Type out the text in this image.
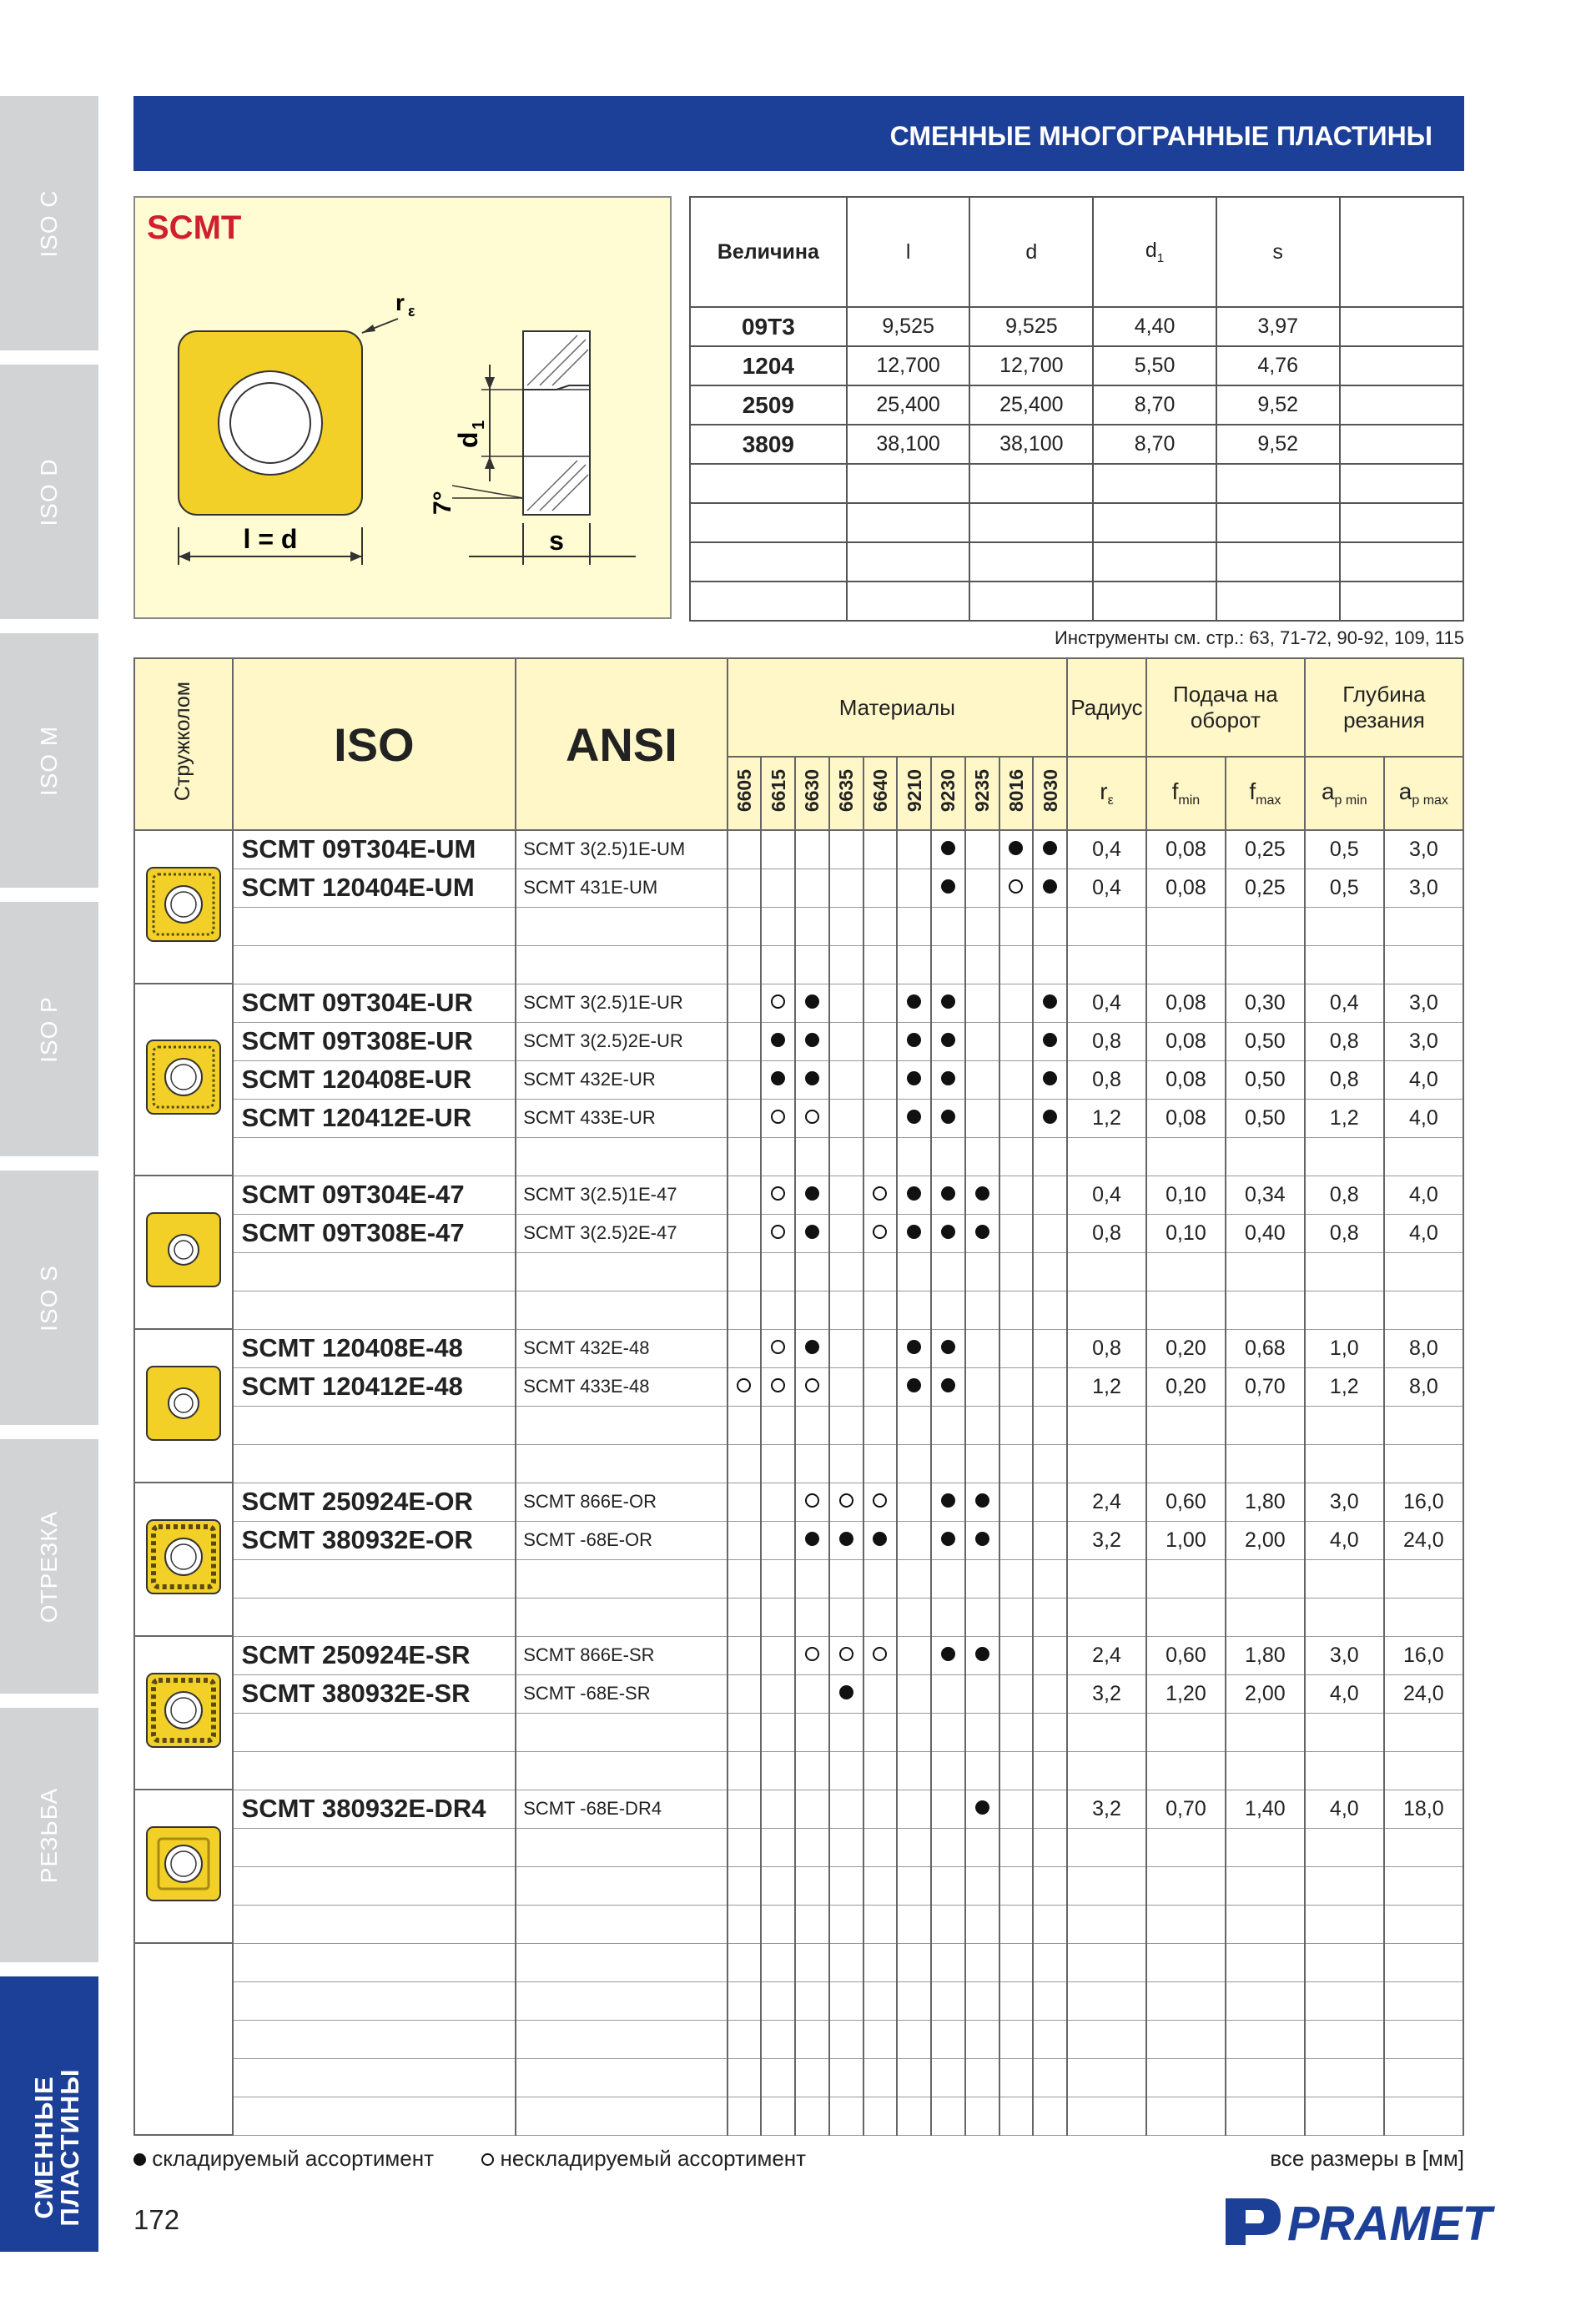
ISO C
ISO D
ISO M
ISO P
ISO S
ОТРЕЗКА
РЕЗЬБА
СМЕННЫЕ
ПЛАСТИНЫ
СМЕННЫЕ МНОГОГРАННЫЕ ПЛАСТИНЫ
SCMT
l = d	s
r ε
d
1
7°
Величина	l	d	$d_1$	s	
09T3	9,525	9,525	4,40	3,97	
1204	12,700	12,700	5,50	4,76	
2509	25,400	25,400	8,70	9,52	
3809	38,100	38,100	8,70	9,52	

Инструменты см. стр.: 63, 71-72, 90-92, 109, 115
Стружколом	ISO	ANSI	Материалы										Радиус	Подача на оборот		Глубина резания	
			6605	6615	6630	6635	6640	9210	9230	9235	8016	8030	$r_\varepsilon$	$f_{min}$	$f_{max}$	$a_{p min}$	$a_{p max}$
	SCMT 09T304E-UM	SCMT 3(2.5)1E-UM											0,4	0,08	0,25	0,5	3,0
	SCMT 120404E-UM	SCMT 431E-UM											0,4	0,08	0,25	0,5	3,0

	SCMT 09T304E-UR	SCMT 3(2.5)1E-UR											0,4	0,08	0,30	0,4	3,0
	SCMT 09T308E-UR	SCMT 3(2.5)2E-UR											0,8	0,08	0,50	0,8	3,0
	SCMT 120408E-UR	SCMT 432E-UR											0,8	0,08	0,50	0,8	4,0
	SCMT 120412E-UR	SCMT 433E-UR											1,2	0,08	0,50	1,2	4,0

	SCMT 09T304E-47	SCMT 3(2.5)1E-47											0,4	0,10	0,34	0,8	4,0
	SCMT 09T308E-47	SCMT 3(2.5)2E-47											0,8	0,10	0,40	0,8	4,0

	SCMT 120408E-48	SCMT 432E-48											0,8	0,20	0,68	1,0	8,0
	SCMT 120412E-48	SCMT 433E-48											1,2	0,20	0,70	1,2	8,0

	SCMT 250924E-OR	SCMT 866E-OR											2,4	0,60	1,80	3,0	16,0
	SCMT 380932E-OR	SCMT -68E-OR											3,2	1,00	2,00	4,0	24,0

	SCMT 250924E-SR	SCMT 866E-SR											2,4	0,60	1,80	3,0	16,0
	SCMT 380932E-SR	SCMT -68E-SR											3,2	1,20	2,00	4,0	24,0

	SCMT 380932E-DR4	SCMT -68E-DR4											3,2	0,70	1,40	4,0	18,0

складируемый ассортимент	нескладируемый ассортимент	все размеры в [мм]
172	PRAMET
